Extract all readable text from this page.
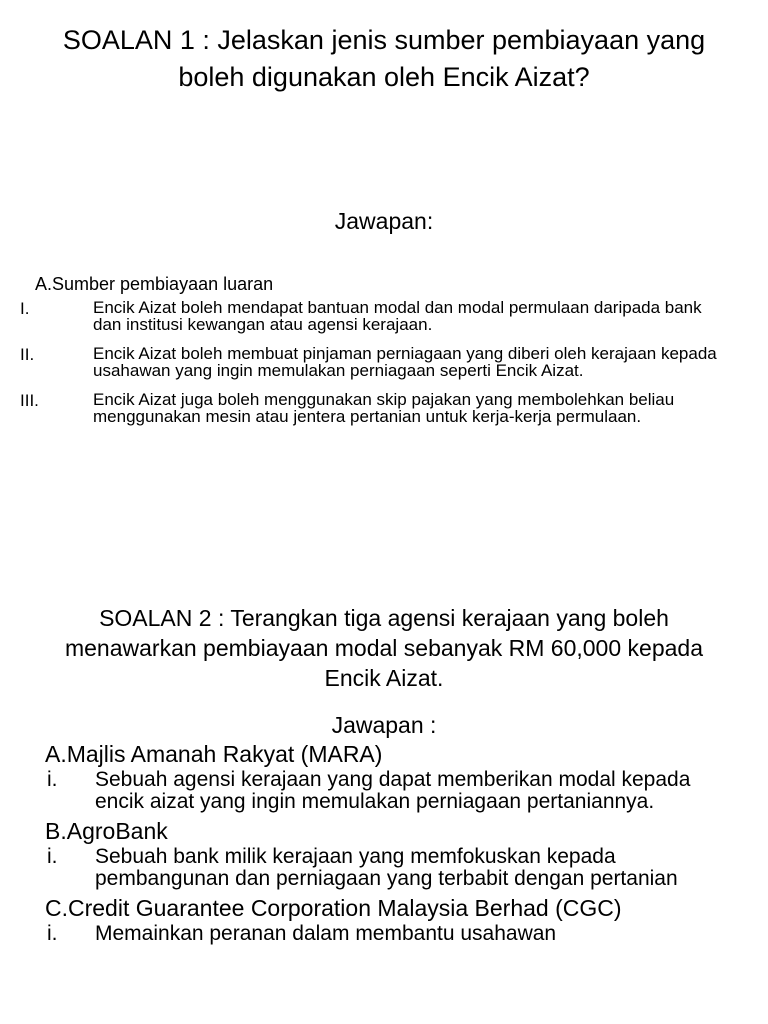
SOALAN 1 : Jelaskan jenis sumber pembiayaan yang boleh digunakan oleh Encik Aizat?
Jawapan:
A.Sumber pembiayaan luaran
I.	Encik Aizat boleh mendapat bantuan modal dan modal permulaan daripada bank dan institusi kewangan atau agensi kerajaan.
II.	Encik Aizat boleh membuat pinjaman perniagaan yang diberi oleh kerajaan kepada usahawan yang ingin memulakan perniagaan seperti Encik Aizat.
III.	Encik Aizat juga boleh menggunakan skip pajakan yang membolehkan beliau menggunakan mesin atau jentera pertanian untuk kerja-kerja permulaan.
SOALAN 2 : Terangkan tiga agensi kerajaan yang boleh menawarkan pembiayaan modal sebanyak RM 60,000 kepada Encik Aizat.
Jawapan :
A.Majlis Amanah Rakyat (MARA)
i.	Sebuah agensi kerajaan yang dapat memberikan modal kepada encik aizat yang ingin memulakan perniagaan pertaniannya.
B.AgroBank
i.	Sebuah bank milik kerajaan yang memfokuskan kepada pembangunan dan perniagaan yang terbabit dengan pertanian
C.Credit Guarantee Corporation Malaysia Berhad (CGC)
i.	Memainkan peranan dalam membantu usahawan
